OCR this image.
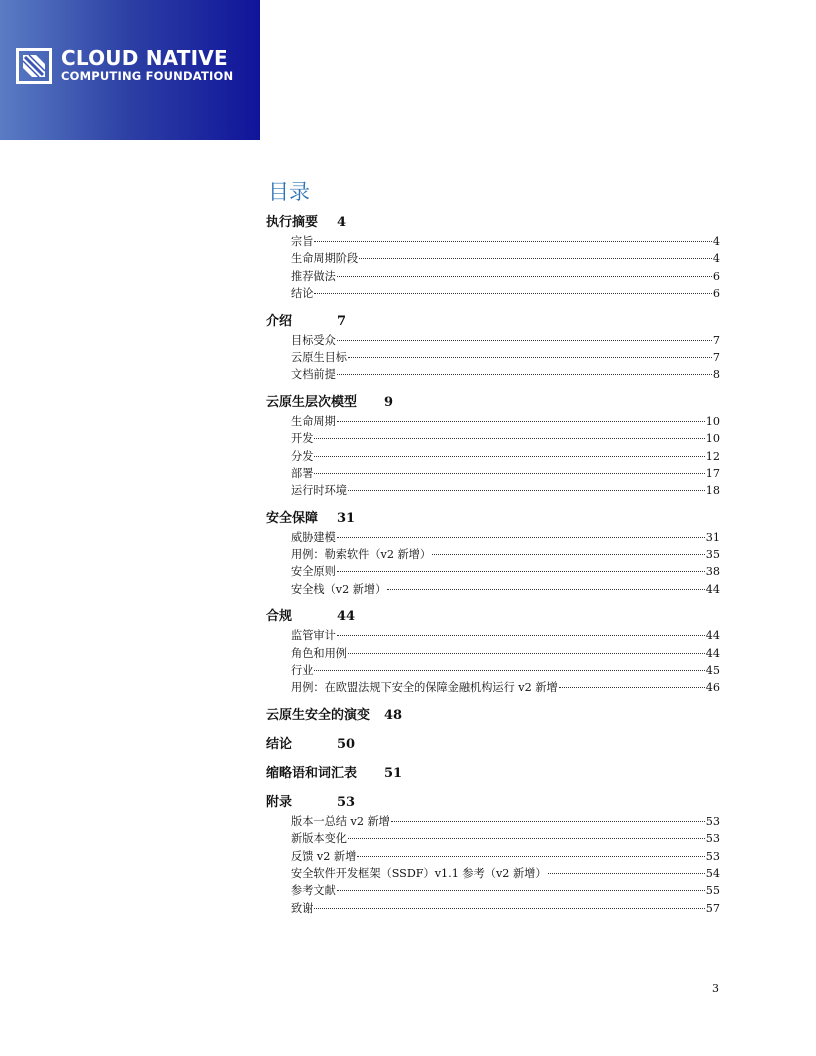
CLOUD NATIVE
COMPUTING FOUNDATION
目录
执行摘要	4
宗旨	4
生命周期阶段	4
推荐做法	6
结论	6
介绍	7
目标受众	7
云原生目标	7
文档前提	8
云原生层次模型	9
生命周期	10
开发	10
分发	12
部署	17
运行时环境	18
安全保障	31
威胁建模	31
用例：勒索软件（v2 新增）	35
安全原则	38
安全栈（v2 新增）	44
合规	44
监管审计	44
角色和用例	44
行业	45
用例：在欧盟法规下安全的保障金融机构运行 v2 新增	46
云原生安全的演变	48
结论	50
缩略语和词汇表	51
附录	53
版本一总结 v2 新增	53
新版本变化	53
反馈 v2 新增	53
安全软件开发框架（SSDF）v1.1 参考（v2 新增）	54
参考文献	55
致谢	57
3
